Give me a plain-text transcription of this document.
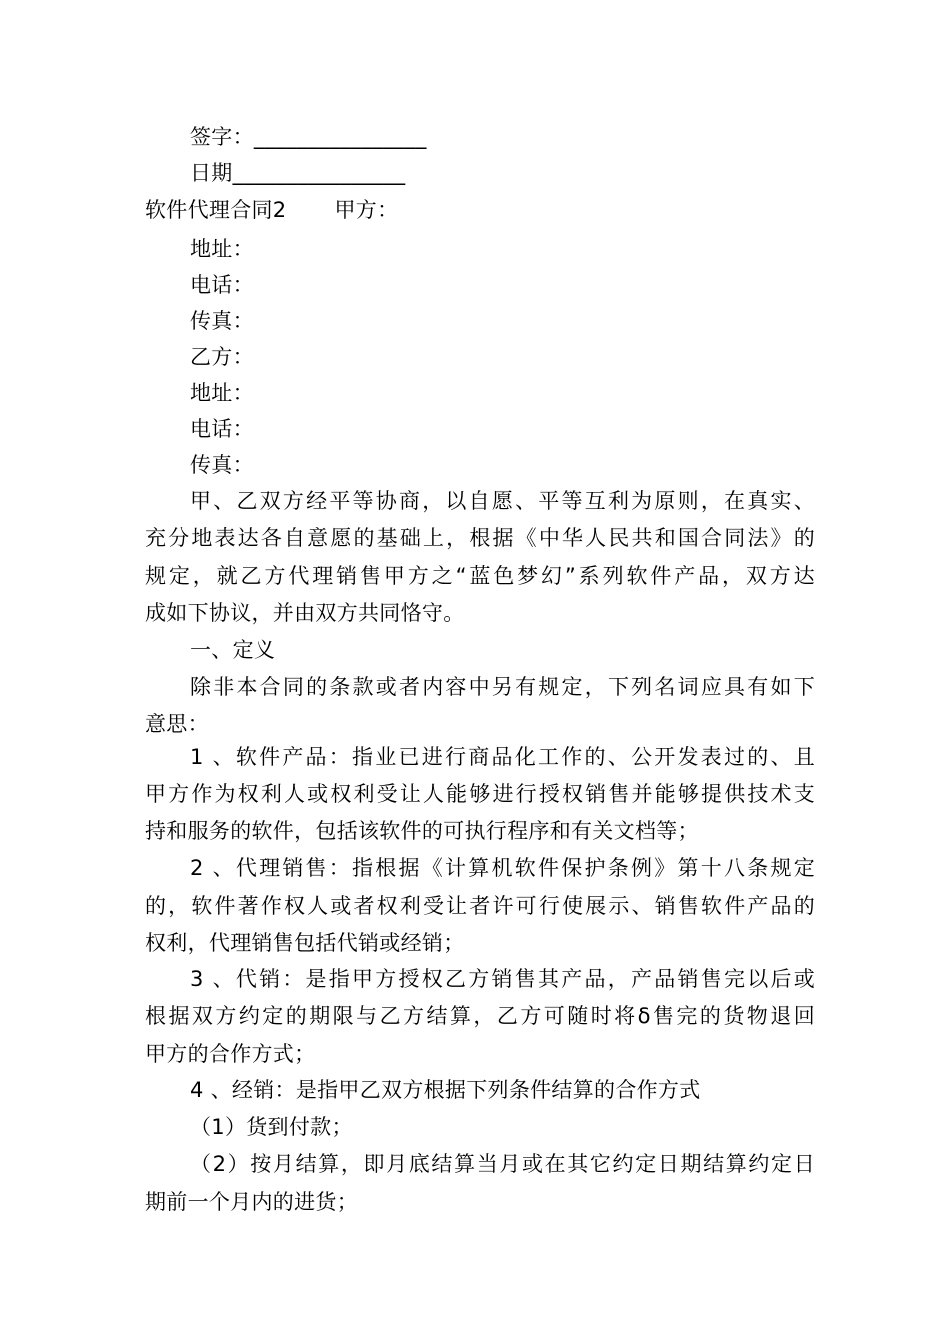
签字：________________
日期________________
软件代理合同2 甲方：
地址：
电话：
传真：
乙方：
地址：
电话：
传真：
甲、乙双方经平等协商，以自愿、平等互利为原则，在真实、
充分地表达各自意愿的基础上，根据《中华人民共和国合同法》的
规定，就乙方代理销售甲方之“蓝色梦幻”系列软件产品，双方达
成如下协议，并由双方共同恪守。
一、定义
除非本合同的条款或者内容中另有规定，下列名词应具有如下
意思：
1 、软件产品：指业已进行商品化工作的、公开发表过的、且
甲方作为权利人或权利受让人能够进行授权销售并能够提供技术支
持和服务的软件，包括该软件的可执行程序和有关文档等；
2 、代理销售：指根据《计算机软件保护条例》第十八条规定
的，软件著作权人或者权利受让者许可行使展示、销售软件产品的
权利，代理销售包括代销或经销；
3 、代销：是指甲方授权乙方销售其产品，产品销售完以后或
根据双方约定的期限与乙方结算，乙方可随时将δ售完的货物退回
甲方的合作方式；
4 、经销：是指甲乙双方根据下列条件结算的合作方式
（1）货到付款；
（2）按月结算，即月底结算当月或在其它约定日期结算约定日
期前一个月内的进货；
